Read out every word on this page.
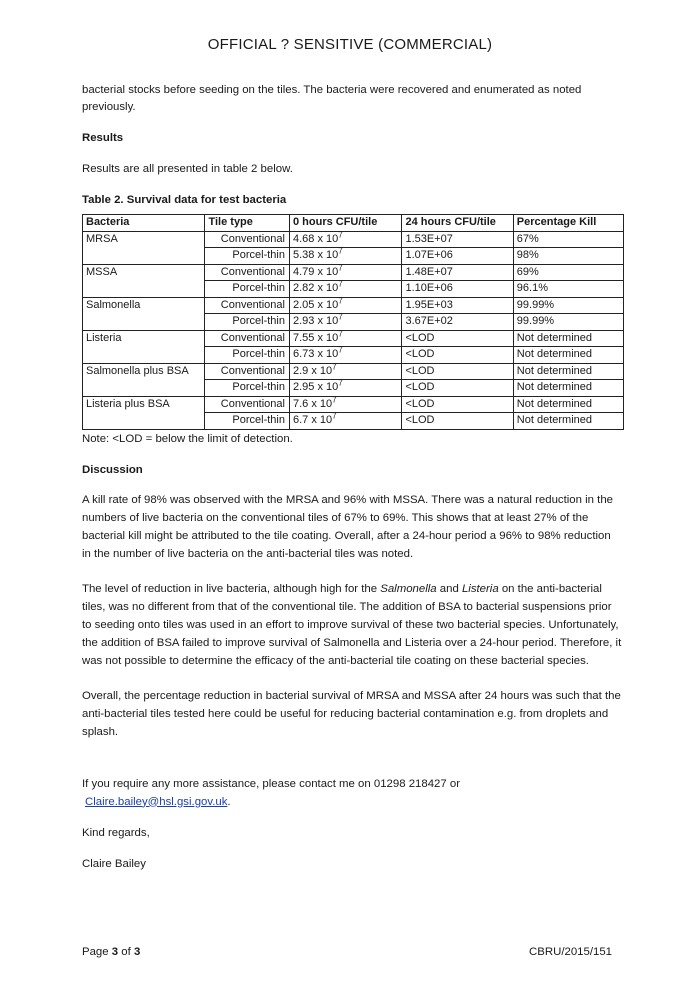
OFFICIAL ? SENSITIVE (COMMERCIAL)

bacterial stocks before seeding on the tiles. The bacteria were recovered and enumerated as noted previously.

Results

Results are all presented in table 2 below.

Table 2. Survival data for test bacteria

Bacteria	Tile type	0 hours CFU/tile	24 hours CFU/tile	Percentage Kill
MRSA	Conventional	4.68 x $10^7$	1.53E+07	67%
	Porcel-thin	5.38 x $10^7$	1.07E+06	98%
MSSA	Conventional	4.79 x $10^7$	1.48E+07	69%
	Porcel-thin	2.82 x $10^7$	1.10E+06	96.1%
Salmonella	Conventional	2.05 x $10^7$	1.95E+03	99.99%
	Porcel-thin	2.93 x $10^7$	3.67E+02	99.99%
Listeria	Conventional	7.55 x $10^7$	<LOD	Not determined
	Porcel-thin	6.73 x $10^7$	<LOD	Not determined
Salmonella plus BSA	Conventional	2.9 x $10^7$	<LOD	Not determined
	Porcel-thin	2.95 x $10^7$	<LOD	Not determined
Listeria plus BSA	Conventional	7.6 x $10^7$	<LOD	Not determined
	Porcel-thin	6.7 x $10^7$	<LOD	Not determined

Note: <LOD = below the limit of detection.

Discussion

A kill rate of 98% was observed with the MRSA and 96% with MSSA. There was a natural reduction in the numbers of live bacteria on the conventional tiles of 67% to 69%. This shows that at least 27% of the bacterial kill might be attributed to the tile coating. Overall, after a 24-hour period a 96% to 98% reduction in the number of live bacteria on the anti-bacterial tiles was noted.

The level of reduction in live bacteria, although high for the Salmonella and Listeria on the anti-bacterial tiles, was no different from that of the conventional tile. The addition of BSA to bacterial suspensions prior to seeding onto tiles was used in an effort to improve survival of these two bacterial species. Unfortunately, the addition of BSA failed to improve survival of Salmonella and Listeria over a 24-hour period. Therefore, it was not possible to determine the efficacy of the anti-bacterial tile coating on these bacterial species.

Overall, the percentage reduction in bacterial survival of MRSA and MSSA after 24 hours was such that the anti-bacterial tiles tested here could be useful for reducing bacterial contamination e.g. from droplets and splash.

If you require any more assistance, please contact me on 01298 218427 or
Claire.bailey@hsl.gsi.gov.uk.

Kind regards,

Claire Bailey

Page 3 of 3	CBRU/2015/151
